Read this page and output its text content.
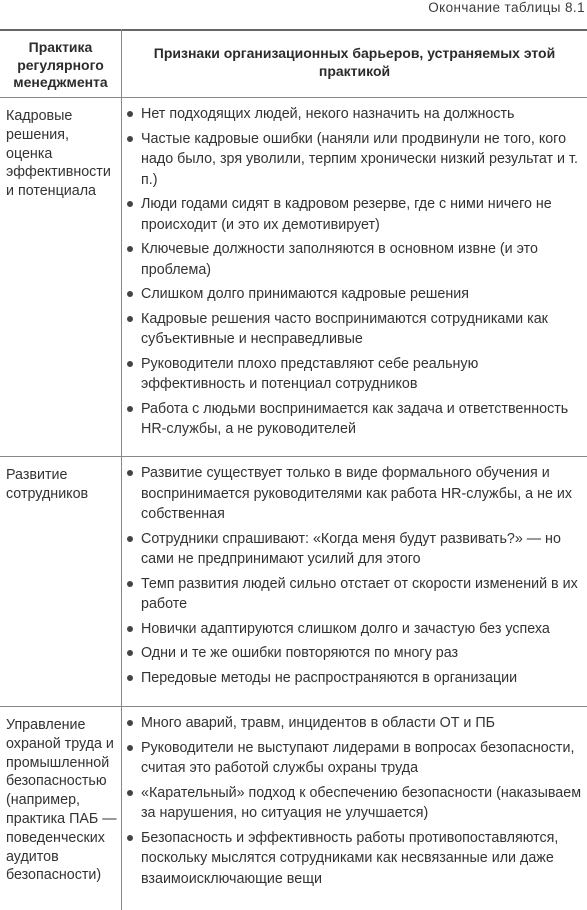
Окончание таблицы 8.1
Практика регулярного менеджмента
Признаки организационных барьеров, устраняемых этой практикой
Кадровые решения, оценка эффективности и потенциала
Нет подходящих людей, некого назначить на должность
Частые кадровые ошибки (наняли или продвинули не того, кого надо было, зря уволили, терпим хронически низкий результат и т. п.)
Люди годами сидят в кадровом резерве, где с ними ничего не происходит (и это их демотивирует)
Ключевые должности заполняются в основном извне (и это проблема)
Слишком долго принимаются кадровые решения
Кадровые решения часто воспринимаются сотрудниками как субъективные и несправедливые
Руководители плохо представляют себе реальную эффективность и потенциал сотрудников
Работа с людьми воспринимается как задача и ответственность HR-службы, а не руководителей
Развитие сотрудников
Развитие существует только в виде формального обучения и воспринимается руководителями как работа HR-службы, а не их собственная
Сотрудники спрашивают: «Когда меня будут развивать?» — но сами не предпринимают усилий для этого
Темп развития людей сильно отстает от скорости изменений в их работе
Новички адаптируются слишком долго и зачастую без успеха
Одни и те же ошибки повторяются по многу раз
Передовые методы не распространяются в организации
Управление охраной труда и промышленной безопасностью (например, практика ПАБ — поведенческих аудитов безопасности)
Много аварий, травм, инцидентов в области ОТ и ПБ
Руководители не выступают лидерами в вопросах безопасности, считая это работой службы охраны труда
«Карательный» подход к обеспечению безопасности (наказываем за нарушения, но ситуация не улучшается)
Безопасность и эффективность работы противопоставляются, поскольку мыслятся сотрудниками как несвязанные или даже взаимоисключающие вещи
